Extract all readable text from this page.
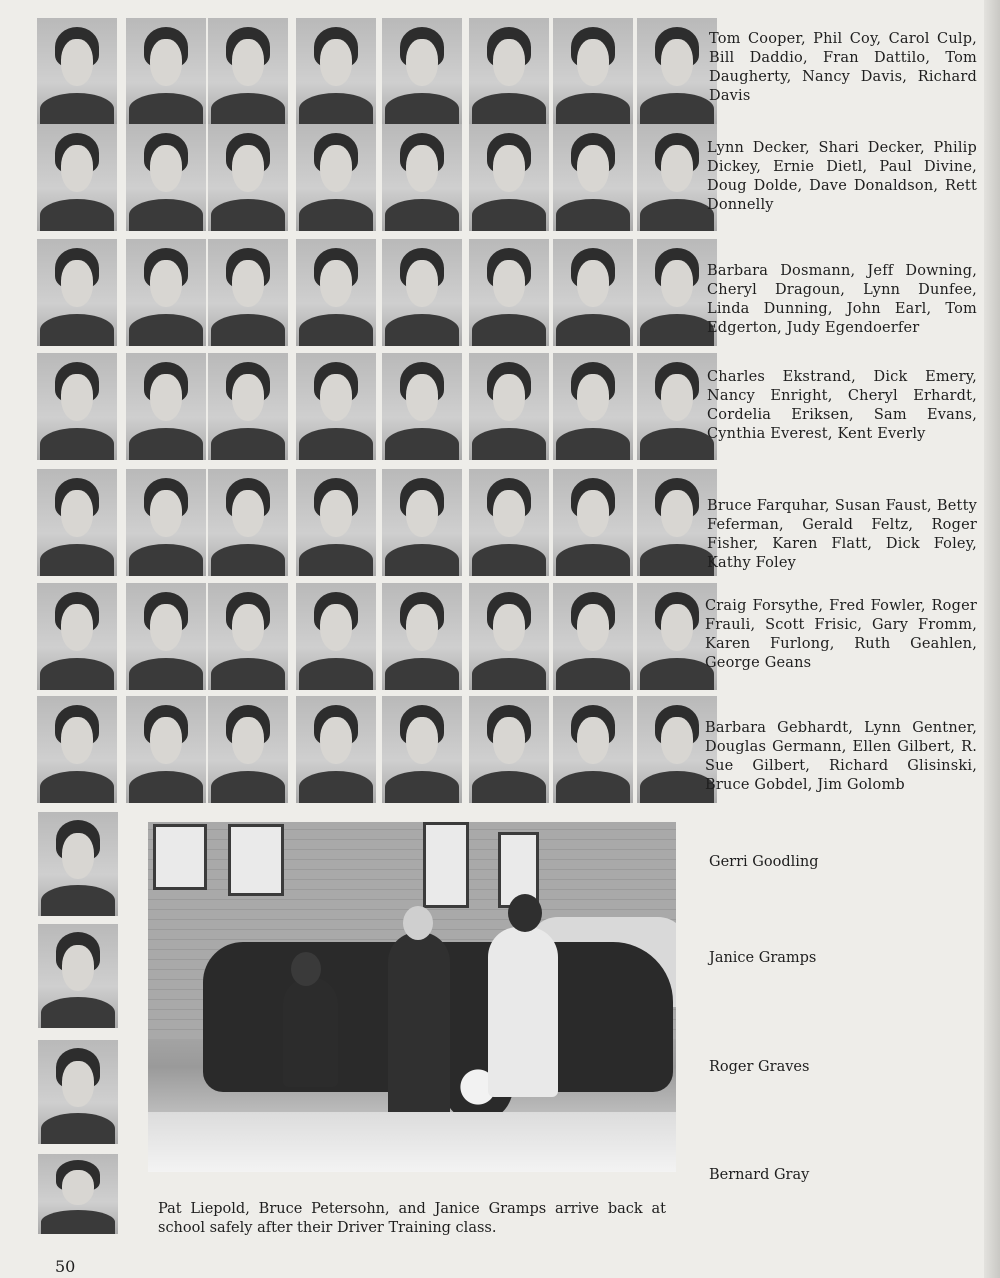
Tom Cooper, Phil Coy, Carol Culp, Bill Daddio, Fran Dattilo, Tom Daugherty, Nancy Davis, Richard Davis
Lynn Decker, Shari Decker, Philip Dickey, Ernie Dietl, Paul Divine, Doug Dolde, Dave Donaldson, Rett Donnelly
Barbara Dosmann, Jeff Downing, Cheryl Dragoun, Lynn Dunfee, Linda Dunning, John Earl, Tom Edgerton, Judy Egendoerfer
Charles Ekstrand, Dick Emery, Nancy Enright, Cheryl Erhardt, Cordelia Eriksen, Sam Evans, Cynthia Everest, Kent Everly
Bruce Farquhar, Susan Faust, Betty Feferman, Gerald Feltz, Roger Fisher, Karen Flatt, Dick Foley, Kathy Foley
Craig Forsythe, Fred Fowler, Roger Frauli, Scott Frisic, Gary Fromm, Karen Furlong, Ruth Geahlen, George Geans
Barbara Gebhardt, Lynn Gentner, Douglas Germann, Ellen Gilbert, R. Sue Gilbert, Richard Glisinski, Bruce Gobdel, Jim Golomb
Gerri Goodling
Janice Gramps
Roger Graves
Bernard Gray
Pat Liepold, Bruce Petersohn, and Janice Gramps arrive back at school safely after their Driver Training class.
50
